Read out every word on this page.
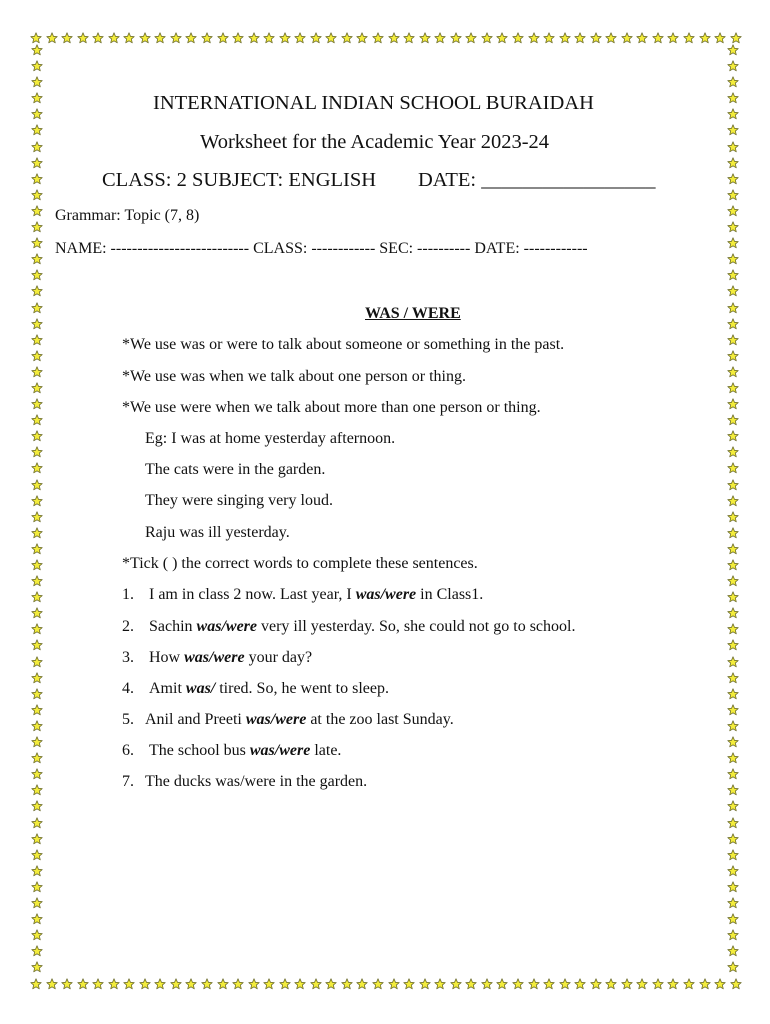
INTERNATIONAL INDIAN SCHOOL BURAIDAH
Worksheet for the Academic Year 2023-24
CLASS: 2 SUBJECT: ENGLISH DATE: _________________
Grammar: Topic (7, 8)
NAME: -------------------------- CLASS: ------------ SEC: ---------- DATE: ------------
WAS / WERE
*We use was or were to talk about someone or something in the past.
*We use was when we talk about one person or thing.
*We use were when we talk about more than one person or thing.
Eg: I was at home yesterday afternoon.
The cats were in the garden.
They were singing very loud.
Raju was ill yesterday.
*Tick ( ) the correct words to complete these sentences.
1. I am in class 2 now. Last year, I was/were in Class1.
2. Sachin was/were very ill yesterday. So, she could not go to school.
3. How was/were your day?
4. Amit was/ tired. So, he went to sleep.
5. Anil and Preeti was/were at the zoo last Sunday.
6. The school bus was/were late.
7. The ducks was/were in the garden.
